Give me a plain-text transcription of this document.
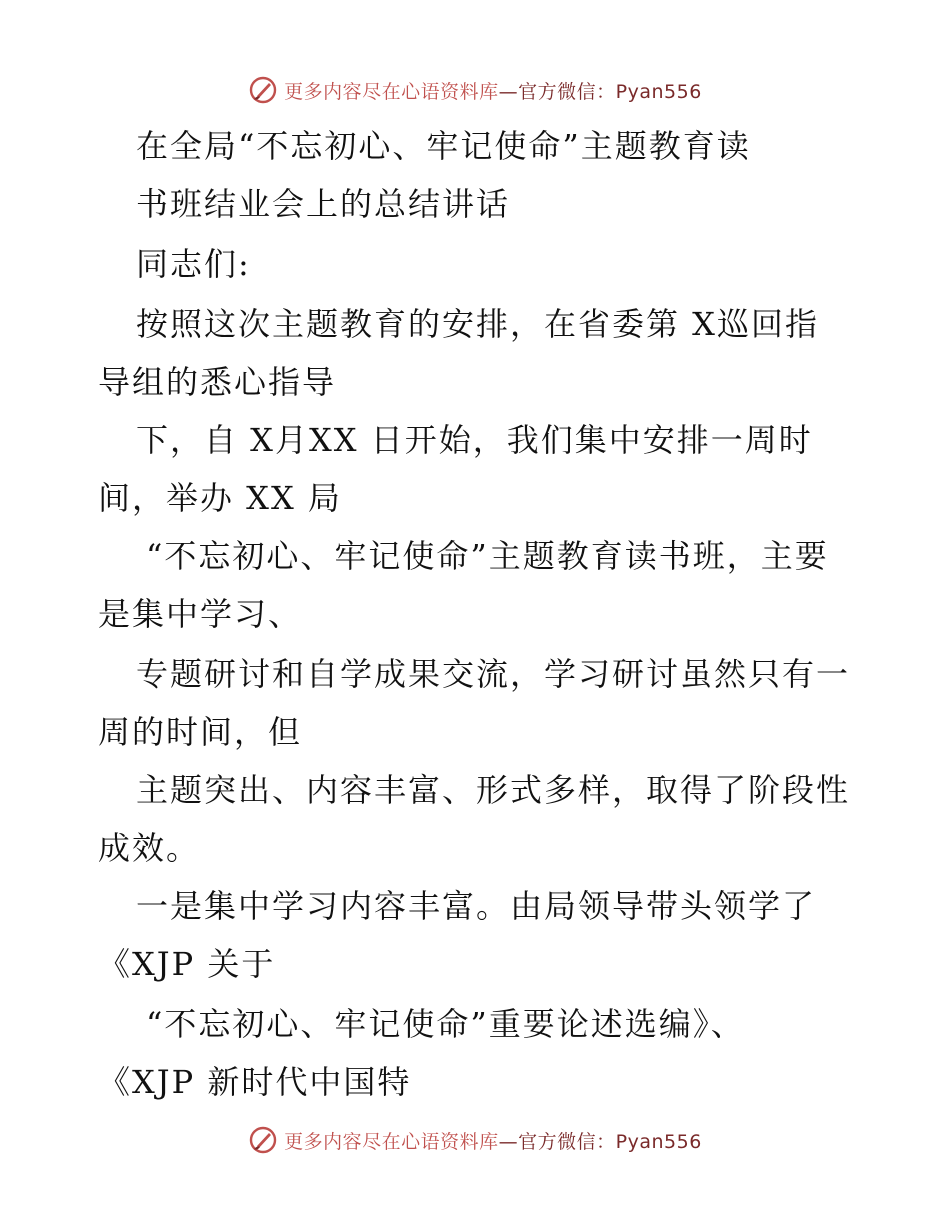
更多内容尽在心语资料库—官方微信：Pyan556
在全局“不忘初心、牢记使命”主题教育读
书班结业会上的总结讲话
同志们:
按照这次主题教育的安排，在省委第 X巡回指
导组的悉心指导
下，自 X月XX 日开始，我们集中安排一周时
间，举办 XX 局
“不忘初心、牢记使命”主题教育读书班，主要
是集中学习、
专题研讨和自学成果交流，学习研讨虽然只有一
周的时间，但
主题突出、内容丰富、形式多样，取得了阶段性
成效。
一是集中学习内容丰富。由局领导带头领学了
《XJP 关于
“不忘初心、牢记使命”重要论述选编》、
《XJP 新时代中国特
更多内容尽在心语资料库—官方微信：Pyan556
